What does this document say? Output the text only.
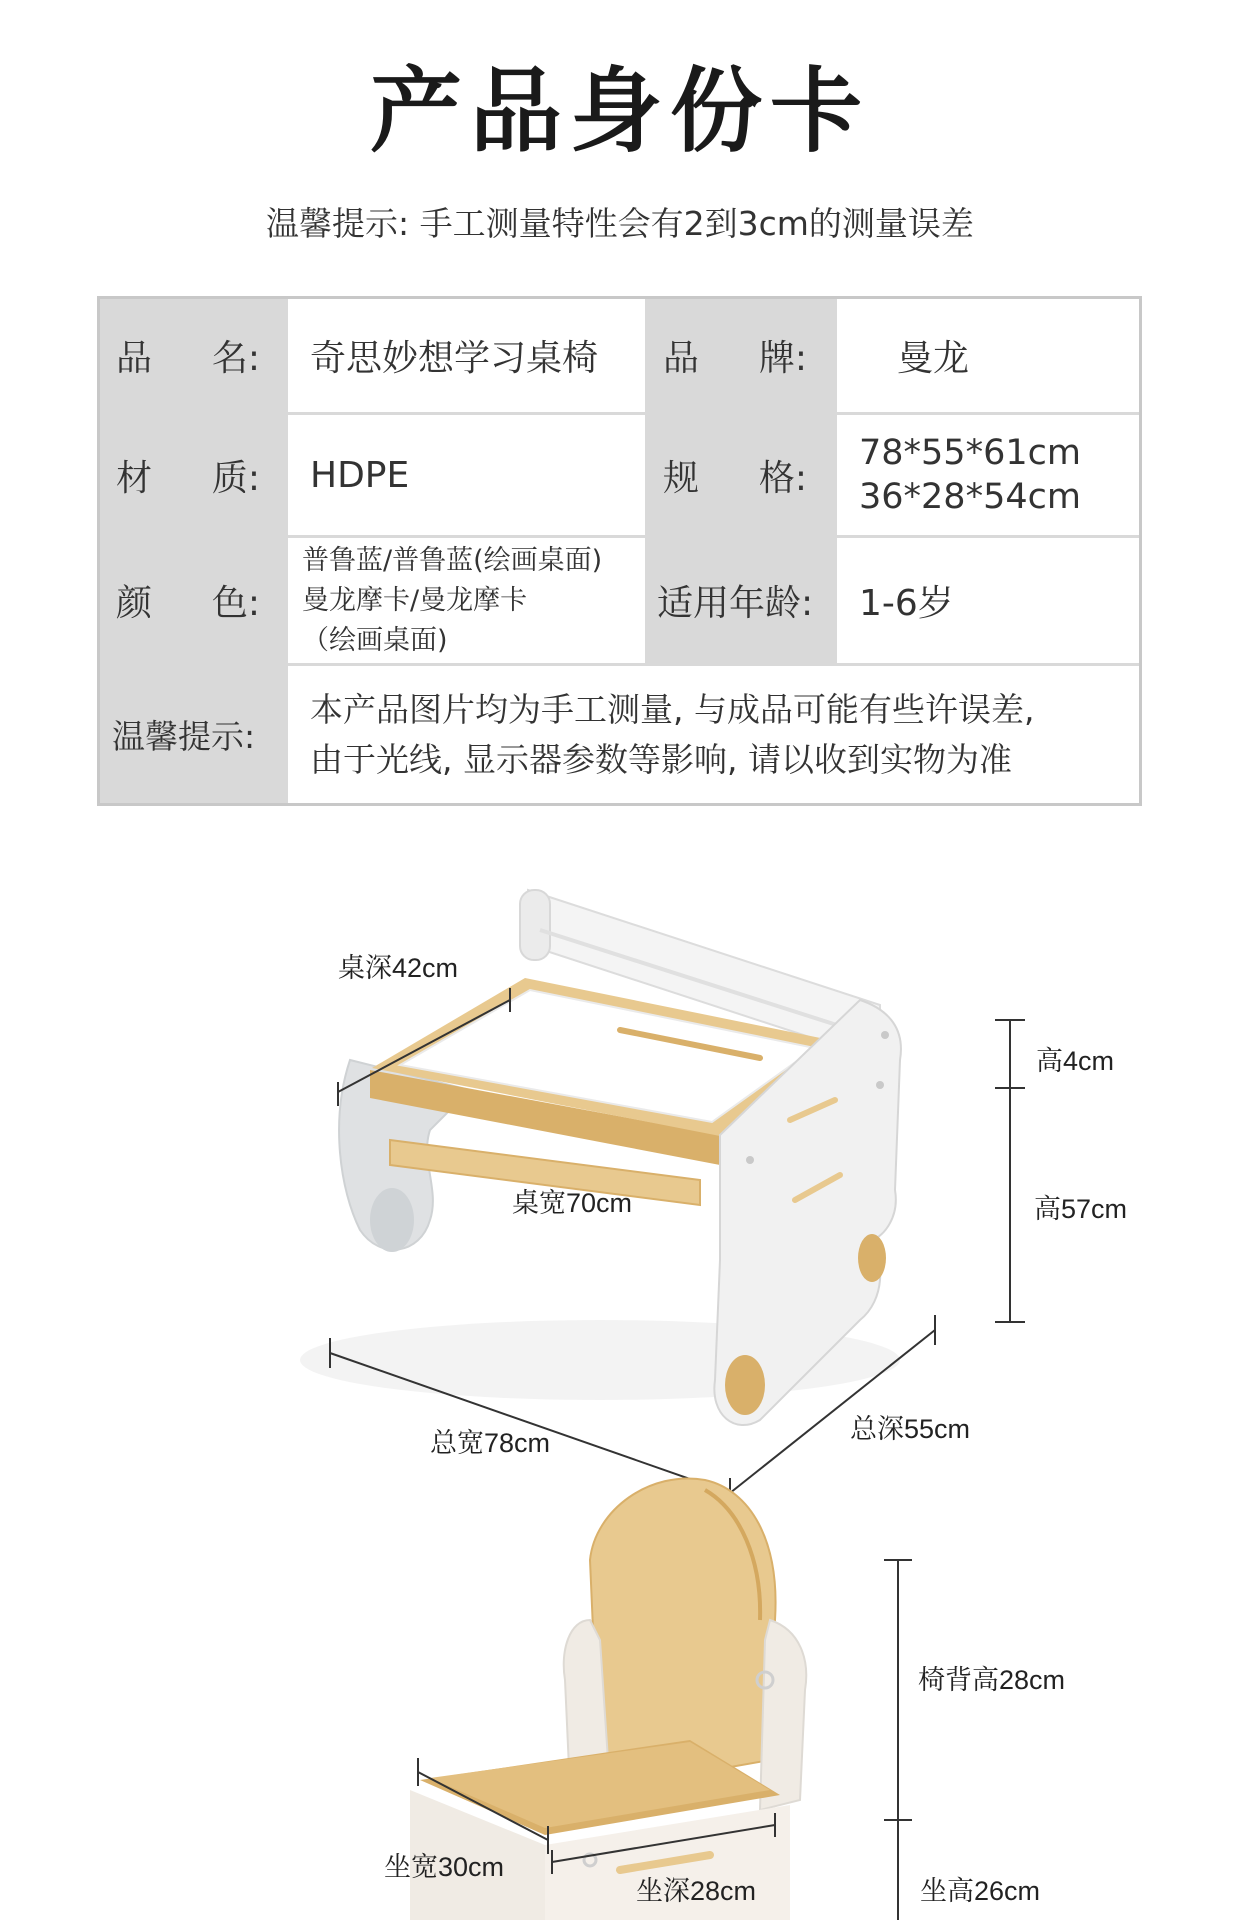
产品身份卡
温馨提示: 手工测量特性会有2到3cm的测量误差
品 名: 奇思妙想学习桌椅 品 牌:	曼龙
材 质: HDPE	规 格:
78*55*61cm
36*28*54cm
颜 色:
普鲁蓝/普鲁蓝(绘画桌面)
曼龙摩卡/曼龙摩卡
（绘画桌面)
适用年龄: 1-6岁
温馨提示:
本产品图片均为手工测量, 与成品可能有些许误差,
由于光线, 显示器参数等影响, 请以收到实物为准
桌深42cm
桌宽70cm
高4cm
高57cm
总宽78cm	总深55cm
椅背高28cm
坐宽30cm
坐深28cm	坐高26cm
